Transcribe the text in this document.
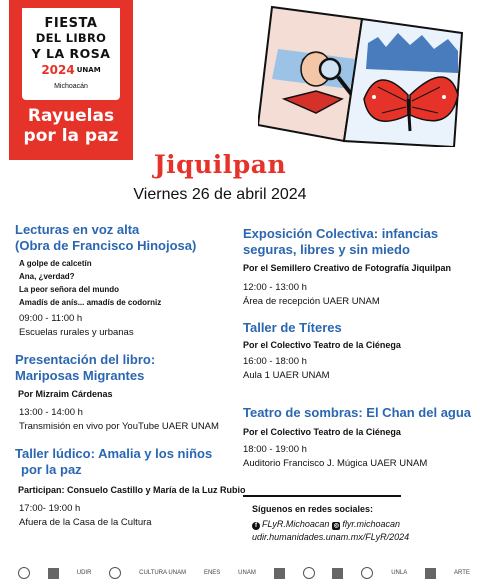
FIESTA
DEL LIBRO
Y LA ROSA
2024 UNAM
Michoacán
Rayuelas por la paz
Jiquilpan
Viernes 26 de abril 2024
Lecturas en voz alta
(Obra de Francisco Hinojosa)
A golpe de calcetín
Ana, ¿verdad?
La peor señora del mundo
Amadís de anís... amadís de codorniz
09:00 - 11:00 h
Escuelas rurales y urbanas
Presentación del libro:
Mariposas Migrantes
Por Mizraim Cárdenas
13:00 - 14:00 h
Transmisión en vivo por YouTube UAER UNAM
Taller lúdico: Amalia y los niños
por la paz
Participan: Consuelo Castillo y María de la Luz Rubio
17:00- 19:00 h
Afuera de la Casa de la Cultura
Exposición Colectiva: infancias
seguras, libres y sin miedo
Por el Semillero Creativo de Fotografía Jiquilpan
12:00 - 13:00 h
Área de recepción UAER UNAM
Taller de Títeres
Por el Colectivo Teatro de la Ciénega
16:00 - 18:00 h
Aula 1 UAER UNAM
Teatro de sombras: El Chan del agua
Por el Colectivo Teatro de la Ciénega
18:00 - 19:00 h
Auditorio Francisco J. Múgica UAER UNAM
Síguenos en redes sociales:
f FLyR.Michoacan ◎ flyr.michoacan
udir.humanidades.unam.mx/FLyR/2024
UDIR	CULTURA UNAM	ENES	UNAM	UNLA	ARTE
